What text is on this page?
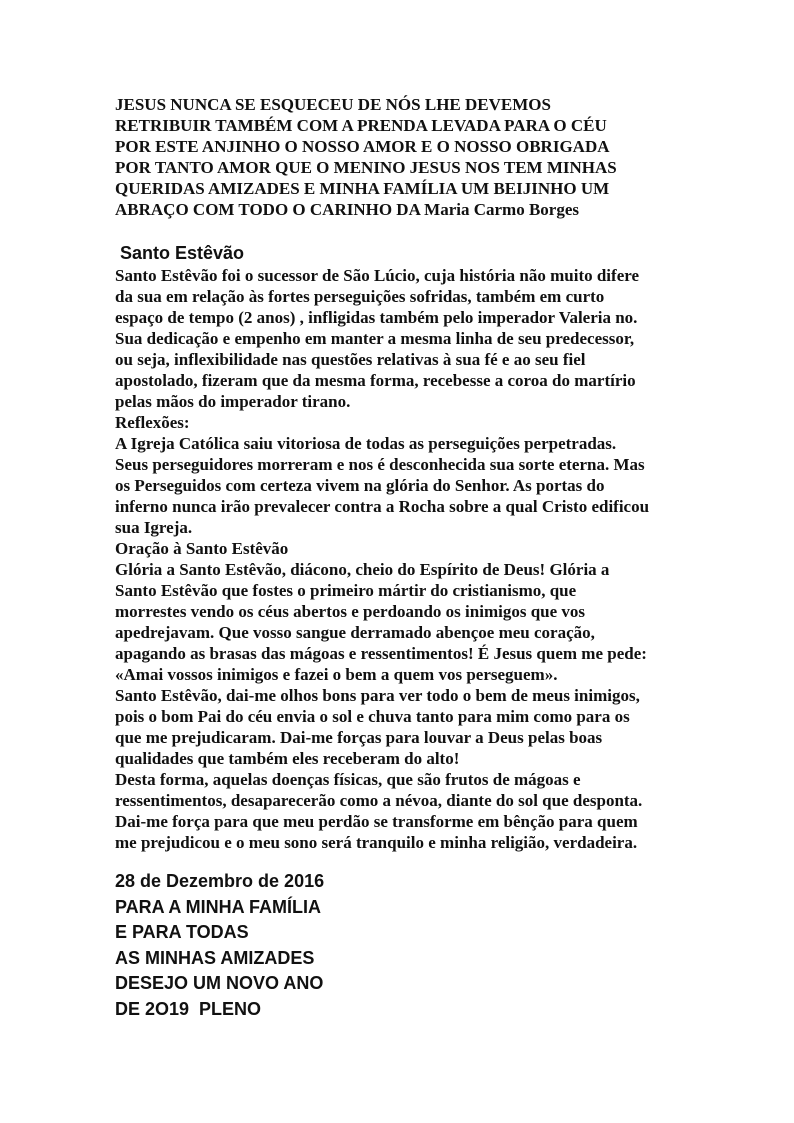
JESUS NUNCA SE ESQUECEU DE NÓS LHE DEVEMOS
RETRIBUIR TAMBÉM COM A PRENDA LEVADA PARA O CÉU
POR ESTE ANJINHO O NOSSO AMOR E O NOSSO OBRIGADA
POR TANTO AMOR QUE O MENINO JESUS NOS TEM MINHAS
QUERIDAS AMIZADES E MINHA FAMÍLIA UM BEIJINHO UM
ABRAÇO COM TODO O CARINHO DA Maria Carmo Borges
Santo Estêvão
Santo Estêvão foi o sucessor de São Lúcio, cuja história não muito difere
da sua em relação às fortes perseguições sofridas, também em curto
espaço de tempo (2 anos) , infligidas também pelo imperador Valeria no.
Sua dedicação e empenho em manter a mesma linha de seu predecessor,
ou seja, inflexibilidade nas questões relativas à sua fé e ao seu fiel
apostolado, fizeram que da mesma forma, recebesse a coroa do martírio
pelas mãos do imperador tirano.
Reflexões:
A Igreja Católica saiu vitoriosa de todas as perseguições perpetradas.
Seus perseguidores morreram e nos é desconhecida sua sorte eterna. Mas
os Perseguidos com certeza vivem na glória do Senhor. As portas do
inferno nunca irão prevalecer contra a Rocha sobre a qual Cristo edificou
sua Igreja.
Oração à Santo Estêvão
Glória a Santo Estêvão, diácono, cheio do Espírito de Deus! Glória a
Santo Estêvão que fostes o primeiro mártir do cristianismo, que
morrestes vendo os céus abertos e perdoando os inimigos que vos
apedrejavam. Que vosso sangue derramado abençoe meu coração,
apagando as brasas das mágoas e ressentimentos! É Jesus quem me pede:
«Amai vossos inimigos e fazei o bem a quem vos perseguem».
Santo Estêvão, dai-me olhos bons para ver todo o bem de meus inimigos,
pois o bom Pai do céu envia o sol e chuva tanto para mim como para os
que me prejudicaram. Dai-me forças para louvar a Deus pelas boas
qualidades que também eles receberam do alto!
Desta forma, aquelas doenças físicas, que são frutos de mágoas e
ressentimentos, desaparecerão como a névoa, diante do sol que desponta.
Dai-me força para que meu perdão se transforme em bênção para quem
me prejudicou e o meu sono será tranquilo e minha religião, verdadeira.
28 de Dezembro de 2016
PARA A MINHA FAMÍLIA
E PARA TODAS
AS MINHAS AMIZADES
DESEJO UM NOVO ANO
DE 2O19  PLENO
